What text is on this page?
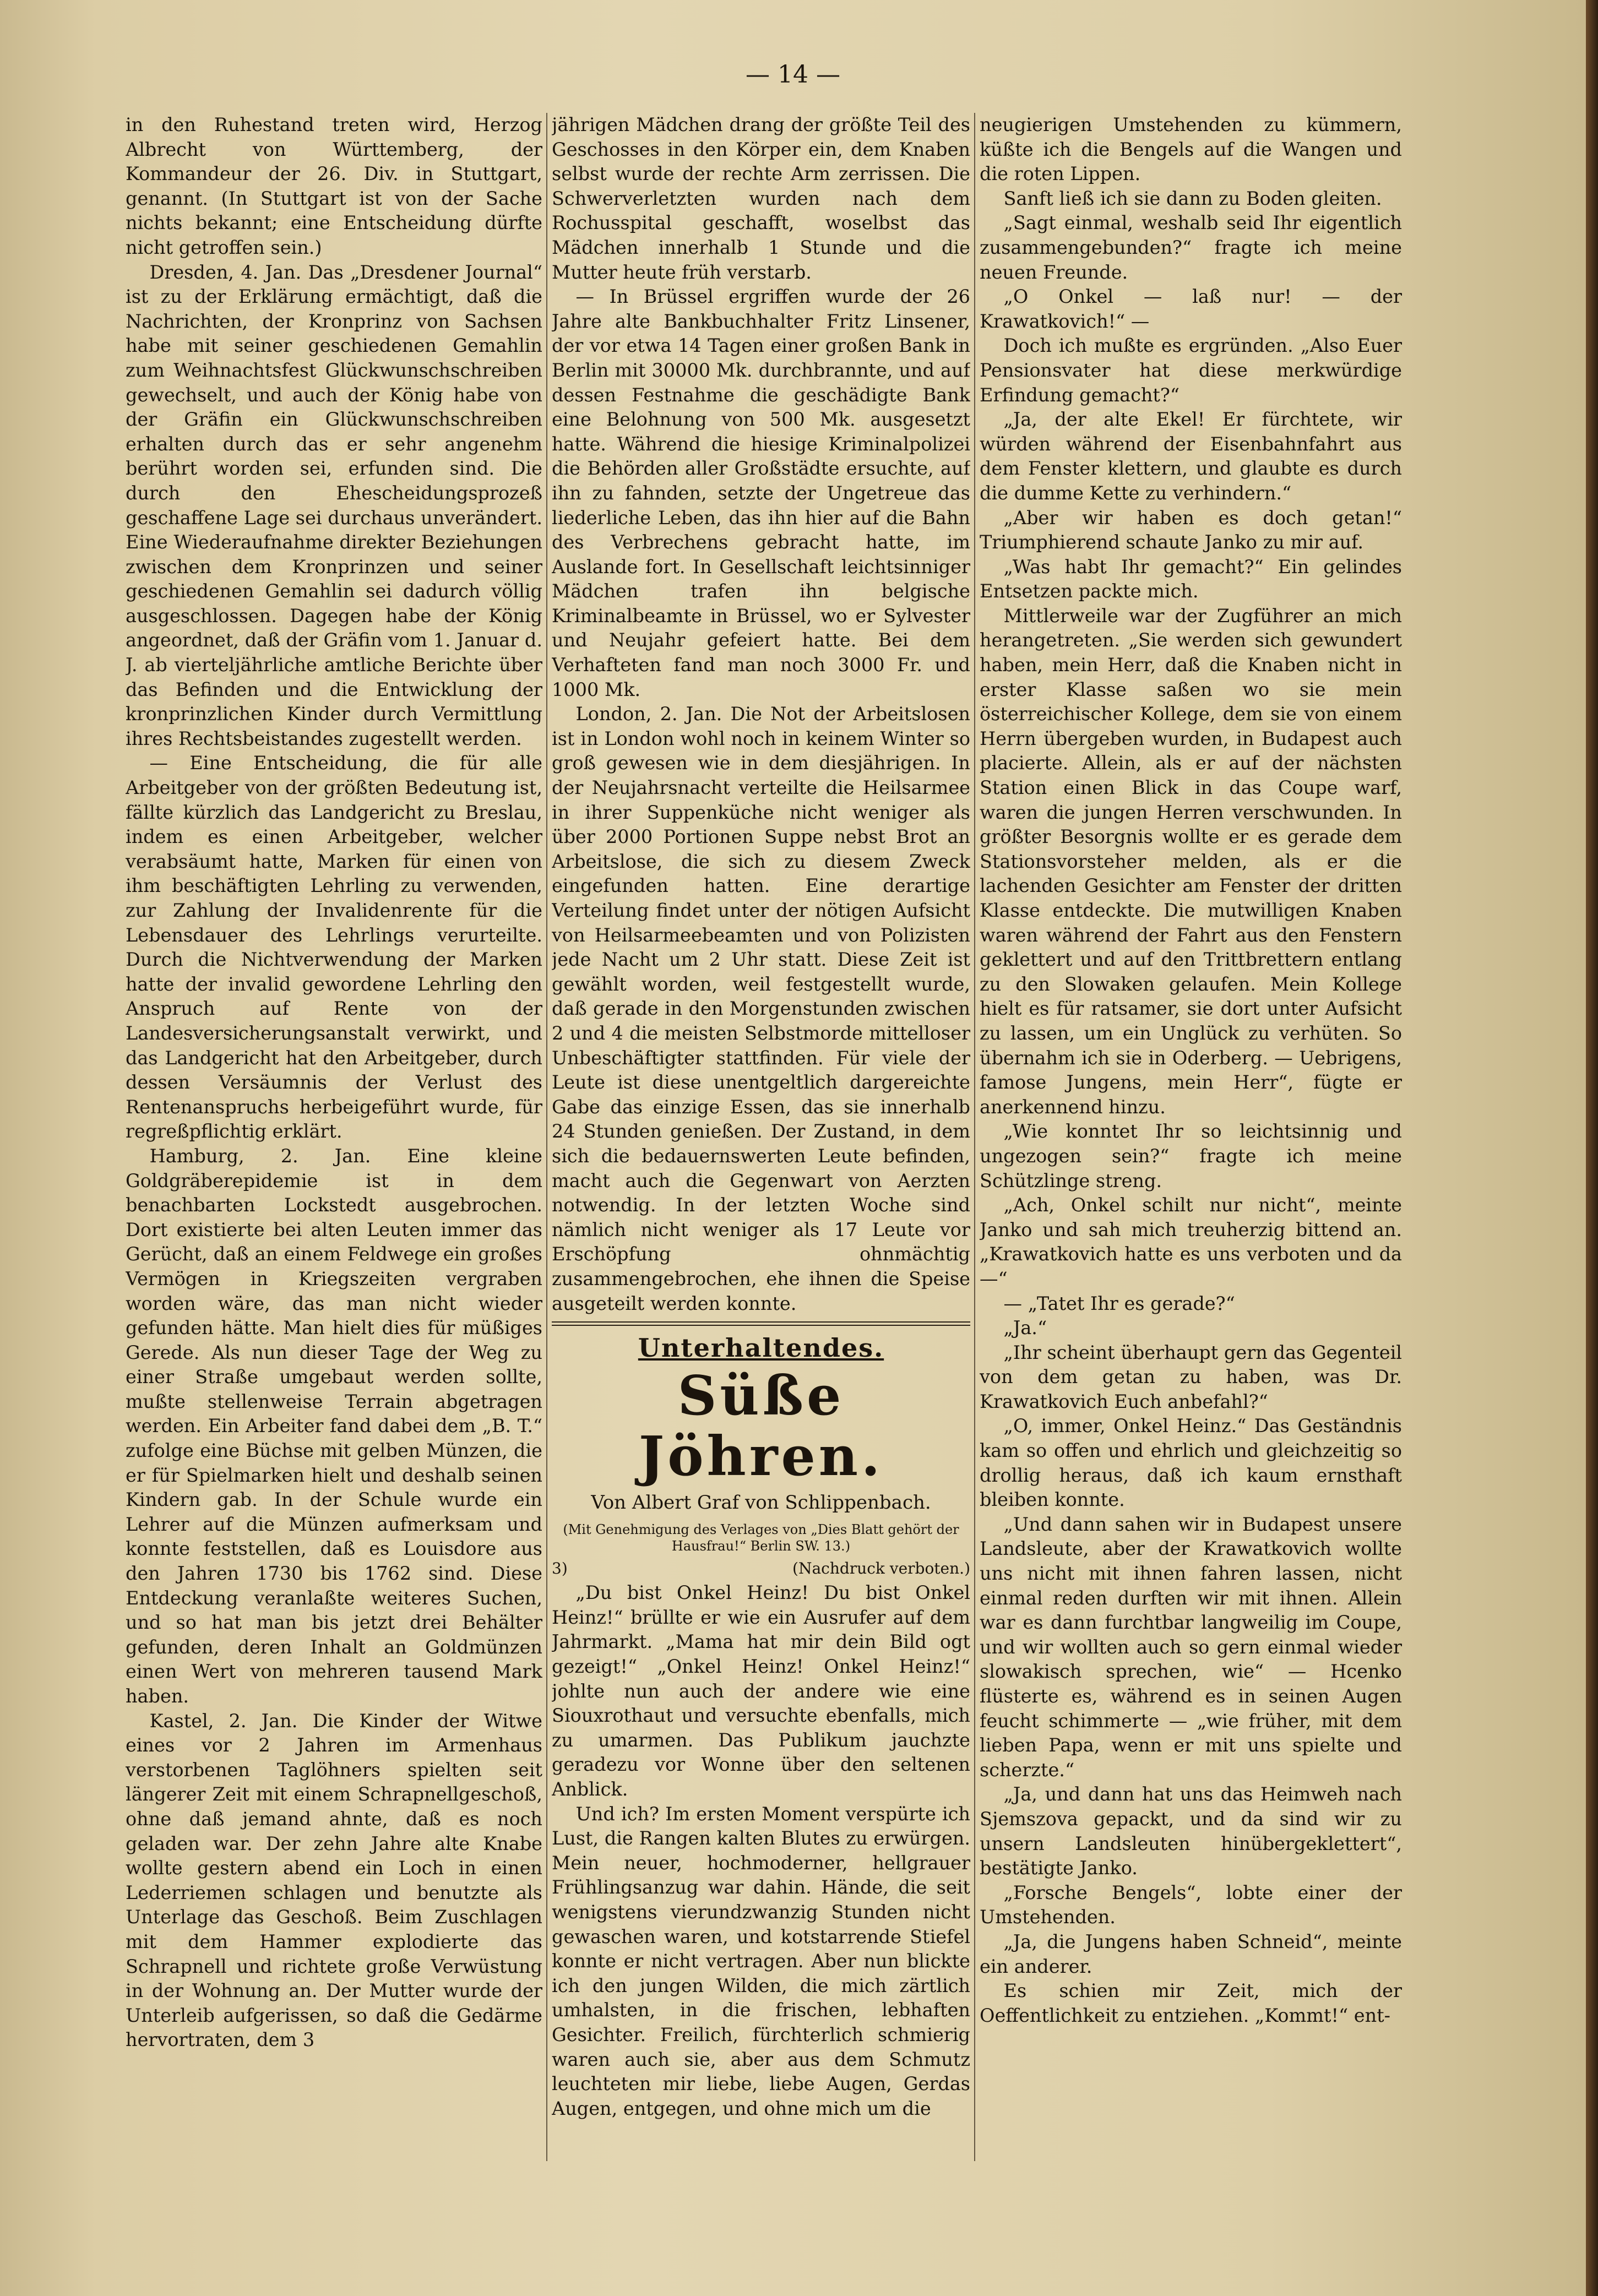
— 14 —

in den Ruhestand treten wird, Herzog Albrecht von Württemberg, der Kommandeur der 26. Div. in Stuttgart, genannt. (In Stuttgart ist von der Sache nichts bekannt; eine Entscheidung dürfte nicht getroffen sein.)

Dresden, 4. Jan. Das „Dresdener Journal“ ist zu der Erklärung ermächtigt, daß die Nachrichten, der Kronprinz von Sachsen habe mit seiner geschiedenen Gemahlin zum Weihnachtsfest Glückwunschschreiben gewechselt, und auch der König habe von der Gräfin ein Glückwunschschreiben erhalten durch das er sehr angenehm berührt worden sei, erfunden sind. Die durch den Ehescheidungsprozeß geschaffene Lage sei durchaus unverändert. Eine Wiederaufnahme direkter Beziehungen zwischen dem Kronprinzen und seiner geschiedenen Gemahlin sei dadurch völlig ausgeschlossen. Dagegen habe der König angeordnet, daß der Gräfin vom 1. Januar d. J. ab vierteljährliche amtliche Berichte über das Befinden und die Entwicklung der kronprinzlichen Kinder durch Vermittlung ihres Rechtsbeistandes zugestellt werden.

— Eine Entscheidung, die für alle Arbeitgeber von der größten Bedeutung ist, fällte kürzlich das Landgericht zu Breslau, indem es einen Arbeitgeber, welcher verabsäumt hatte, Marken für einen von ihm beschäftigten Lehrling zu verwenden, zur Zahlung der Invalidenrente für die Lebensdauer des Lehrlings verurteilte. Durch die Nichtverwendung der Marken hatte der invalid gewordene Lehrling den Anspruch auf Rente von der Landesversicherungsanstalt verwirkt, und das Landgericht hat den Arbeitgeber, durch dessen Versäumnis der Verlust des Rentenanspruchs herbeigeführt wurde, für regreßpflichtig erklärt.

Hamburg, 2. Jan. Eine kleine Goldgräberepidemie ist in dem benachbarten Lockstedt ausgebrochen. Dort existierte bei alten Leuten immer das Gerücht, daß an einem Feldwege ein großes Vermögen in Kriegszeiten vergraben worden wäre, das man nicht wieder gefunden hätte. Man hielt dies für müßiges Gerede. Als nun dieser Tage der Weg zu einer Straße umgebaut werden sollte, mußte stellenweise Terrain abgetragen werden. Ein Arbeiter fand dabei dem „B. T.“ zufolge eine Büchse mit gelben Münzen, die er für Spielmarken hielt und deshalb seinen Kindern gab. In der Schule wurde ein Lehrer auf die Münzen aufmerksam und konnte feststellen, daß es Louisdore aus den Jahren 1730 bis 1762 sind. Diese Entdeckung veranlaßte weiteres Suchen, und so hat man bis jetzt drei Behälter gefunden, deren Inhalt an Goldmünzen einen Wert von mehreren tausend Mark haben.

Kastel, 2. Jan. Die Kinder der Witwe eines vor 2 Jahren im Armenhaus verstorbenen Taglöhners spielten seit längerer Zeit mit einem Schrapnellgeschoß, ohne daß jemand ahnte, daß es noch geladen war. Der zehn Jahre alte Knabe wollte gestern abend ein Loch in einen Lederriemen schlagen und benutzte als Unterlage das Geschoß. Beim Zuschlagen mit dem Hammer explodierte das Schrapnell und richtete große Verwüstung in der Wohnung an. Der Mutter wurde der Unterleib aufgerissen, so daß die Gedärme hervortraten, dem 3

jährigen Mädchen drang der größte Teil des Geschosses in den Körper ein, dem Knaben selbst wurde der rechte Arm zerrissen. Die Schwerverletzten wurden nach dem Rochusspital geschafft, woselbst das Mädchen innerhalb 1 Stunde und die Mutter heute früh verstarb.

— In Brüssel ergriffen wurde der 26 Jahre alte Bankbuchhalter Fritz Linsener, der vor etwa 14 Tagen einer großen Bank in Berlin mit 30000 Mk. durchbrannte, und auf dessen Festnahme die geschädigte Bank eine Belohnung von 500 Mk. ausgesetzt hatte. Während die hiesige Kriminalpolizei die Behörden aller Großstädte ersuchte, auf ihn zu fahnden, setzte der Ungetreue das liederliche Leben, das ihn hier auf die Bahn des Verbrechens gebracht hatte, im Auslande fort. In Gesellschaft leichtsinniger Mädchen trafen ihn belgische Kriminalbeamte in Brüssel, wo er Sylvester und Neujahr gefeiert hatte. Bei dem Verhafteten fand man noch 3000 Fr. und 1000 Mk.

London, 2. Jan. Die Not der Arbeitslosen ist in London wohl noch in keinem Winter so groß gewesen wie in dem diesjährigen. In der Neujahrsnacht verteilte die Heilsarmee in ihrer Suppenküche nicht weniger als über 2000 Portionen Suppe nebst Brot an Arbeitslose, die sich zu diesem Zweck eingefunden hatten. Eine derartige Verteilung findet unter der nötigen Aufsicht von Heilsarmeebeamten und von Polizisten jede Nacht um 2 Uhr statt. Diese Zeit ist gewählt worden, weil festgestellt wurde, daß gerade in den Morgenstunden zwischen 2 und 4 die meisten Selbstmorde mittelloser Unbeschäftigter stattfinden. Für viele der Leute ist diese unentgeltlich dargereichte Gabe das einzige Essen, das sie innerhalb 24 Stunden genießen. Der Zustand, in dem sich die bedauernswerten Leute befinden, macht auch die Gegenwart von Aerzten notwendig. In der letzten Woche sind nämlich nicht weniger als 17 Leute vor Erschöpfung ohnmächtig zusammengebrochen, ehe ihnen die Speise ausgeteilt werden konnte.

Unterhaltendes.
Süße Jöhren.
Von Albert Graf von Schlippenbach.
(Mit Genehmigung des Verlages von „Dies Blatt gehört der Hausfrau!“ Berlin SW. 13.)
3)	(Nachdruck verboten.)

„Du bist Onkel Heinz! Du bist Onkel Heinz!“ brüllte er wie ein Ausrufer auf dem Jahrmarkt. „Mama hat mir dein Bild ogt gezeigt!“ „Onkel Heinz! Onkel Heinz!“ johlte nun auch der andere wie eine Siouxrothaut und versuchte ebenfalls, mich zu umarmen. Das Publikum jauchzte geradezu vor Wonne über den seltenen Anblick.

Und ich? Im ersten Moment verspürte ich Lust, die Rangen kalten Blutes zu erwürgen. Mein neuer, hochmoderner, hellgrauer Frühlingsanzug war dahin. Hände, die seit wenigstens vierundzwanzig Stunden nicht gewaschen waren, und kotstarrende Stiefel konnte er nicht vertragen. Aber nun blickte ich den jungen Wilden, die mich zärtlich umhalsten, in die frischen, lebhaften Gesichter. Freilich, fürchterlich schmierig waren auch sie, aber aus dem Schmutz leuchteten mir liebe, liebe Augen, Gerdas Augen, entgegen, und ohne mich um die

neugierigen Umstehenden zu kümmern, küßte ich die Bengels auf die Wangen und die roten Lippen.

Sanft ließ ich sie dann zu Boden gleiten.

„Sagt einmal, weshalb seid Ihr eigentlich zusammengebunden?“ fragte ich meine neuen Freunde.

„O Onkel — laß nur! — der Krawatkovich!“ —

Doch ich mußte es ergründen. „Also Euer Pensionsvater hat diese merkwürdige Erfindung gemacht?“

„Ja, der alte Ekel! Er fürchtete, wir würden während der Eisenbahnfahrt aus dem Fenster klettern, und glaubte es durch die dumme Kette zu verhindern.“

„Aber wir haben es doch getan!“ Triumphierend schaute Janko zu mir auf.

„Was habt Ihr gemacht?“ Ein gelindes Entsetzen packte mich.

Mittlerweile war der Zugführer an mich herangetreten. „Sie werden sich gewundert haben, mein Herr, daß die Knaben nicht in erster Klasse saßen wo sie mein österreichischer Kollege, dem sie von einem Herrn übergeben wurden, in Budapest auch placierte. Allein, als er auf der nächsten Station einen Blick in das Coupe warf, waren die jungen Herren verschwunden. In größter Besorgnis wollte er es gerade dem Stationsvorsteher melden, als er die lachenden Gesichter am Fenster der dritten Klasse entdeckte. Die mutwilligen Knaben waren während der Fahrt aus den Fenstern geklettert und auf den Trittbrettern entlang zu den Slowaken gelaufen. Mein Kollege hielt es für ratsamer, sie dort unter Aufsicht zu lassen, um ein Unglück zu verhüten. So übernahm ich sie in Oderberg. — Uebrigens, famose Jungens, mein Herr“, fügte er anerkennend hinzu.

„Wie konntet Ihr so leichtsinnig und ungezogen sein?“ fragte ich meine Schützlinge streng.

„Ach, Onkel schilt nur nicht“, meinte Janko und sah mich treuherzig bittend an. „Krawatkovich hatte es uns verboten und da—“

— „Tatet Ihr es gerade?“

„Ja.“

„Ihr scheint überhaupt gern das Gegenteil von dem getan zu haben, was Dr. Krawatkovich Euch anbefahl?“

„O, immer, Onkel Heinz.“ Das Geständnis kam so offen und ehrlich und gleichzeitig so drollig heraus, daß ich kaum ernsthaft bleiben konnte.

„Und dann sahen wir in Budapest unsere Landsleute, aber der Krawatkovich wollte uns nicht mit ihnen fahren lassen, nicht einmal reden durften wir mit ihnen. Allein war es dann furchtbar langweilig im Coupe, und wir wollten auch so gern einmal wieder slowakisch sprechen, wie“ — Hcenko flüsterte es, während es in seinen Augen feucht schimmerte — „wie früher, mit dem lieben Papa, wenn er mit uns spielte und scherzte.“

„Ja, und dann hat uns das Heimweh nach Sjemszova gepackt, und da sind wir zu unsern Landsleuten hinübergeklettert“, bestätigte Janko.

„Forsche Bengels“, lobte einer der Umstehenden.

„Ja, die Jungens haben Schneid“, meinte ein anderer.

Es schien mir Zeit, mich der Oeffentlichkeit zu entziehen. „Kommt!“ ent-
